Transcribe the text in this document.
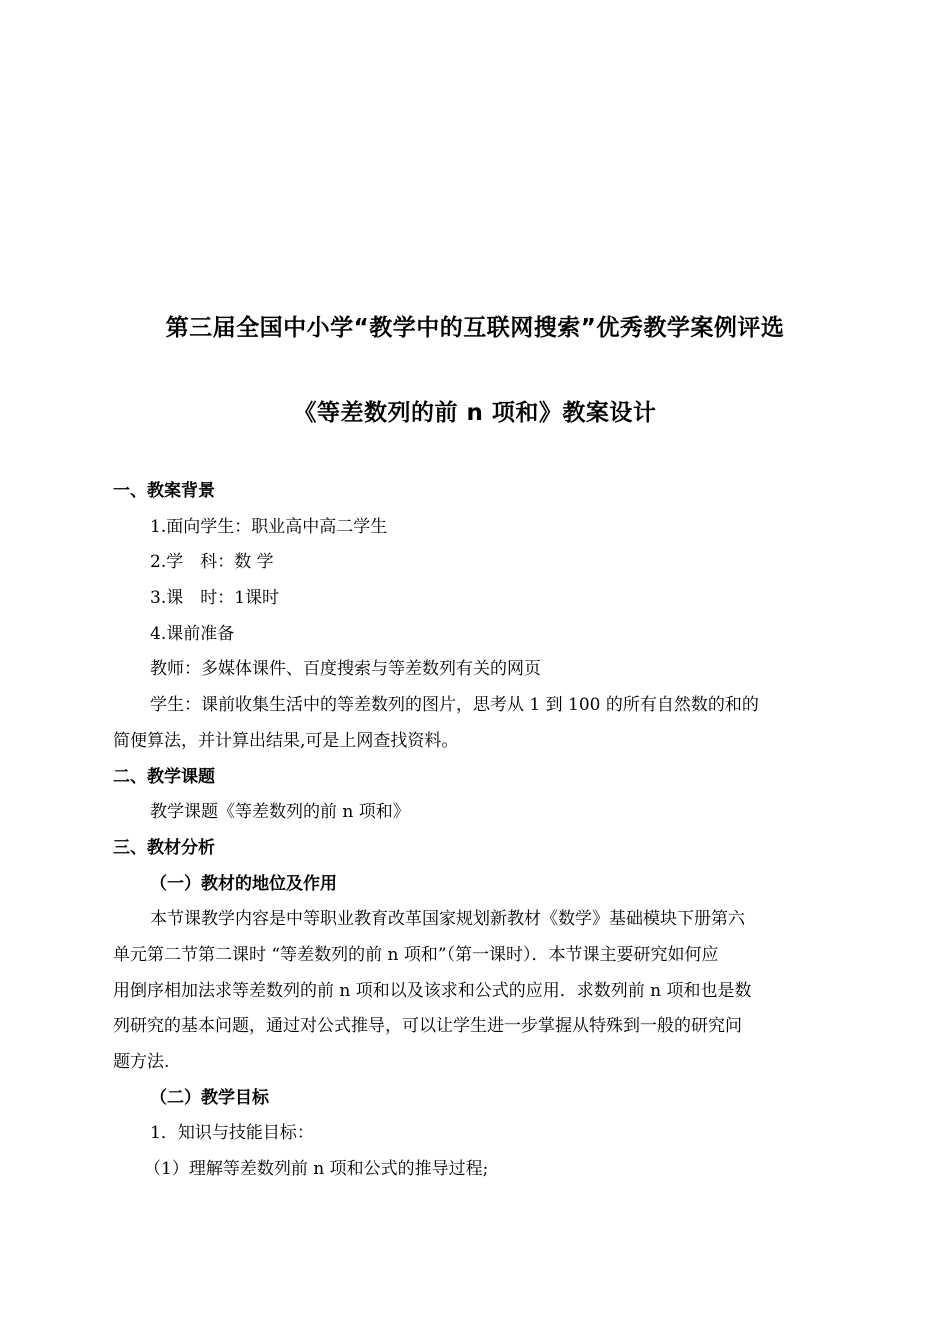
第三届全国中小学“教学中的互联网搜索”优秀教学案例评选
《等差数列的前 n 项和》教案设计
一、教案背景
1.面向学生：职业高中高二学生
2.学　科：数 学
3.课　时：1课时
4.课前准备
教师：多媒体课件、百度搜索与等差数列有关的网页
学生：课前收集生活中的等差数列的图片，思考从 1 到 100 的所有自然数的和的
简便算法，并计算出结果,可是上网查找资料。
二、教学课题
教学课题《等差数列的前 n 项和》
三、教材分析
（一）教材的地位及作用
本节课教学内容是中等职业教育改革国家规划新教材《数学》基础模块下册第六
单元第二节第二课时 “等差数列的前 n 项和”（第一课时）．本节课主要研究如何应
用倒序相加法求等差数列的前 n 项和以及该求和公式的应用．求数列前 n 项和也是数
列研究的基本问题，通过对公式推导，可以让学生进一步掌握从特殊到一般的研究问
题方法.
（二）教学目标
1．知识与技能目标：
（1）理解等差数列前 n 项和公式的推导过程;
